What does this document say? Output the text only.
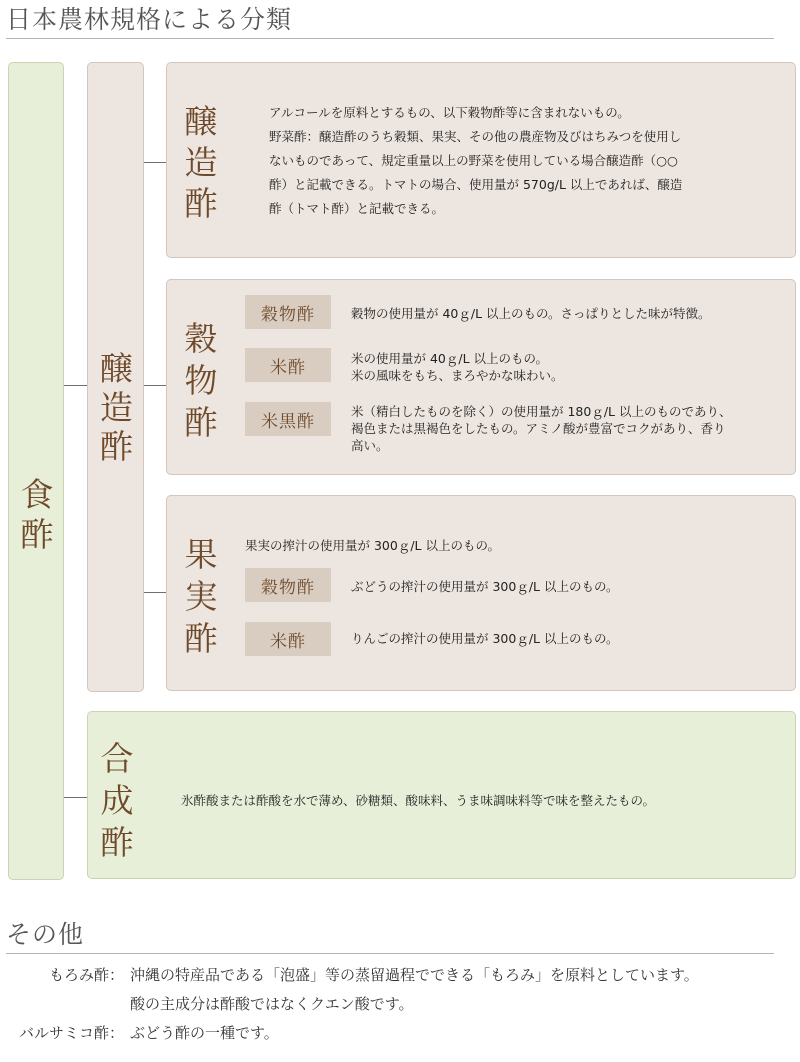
日本農林規格による分類
食
酢
醸
造
酢
醸
造
酢
アルコールを原料とするもの、以下穀物酢等に含まれないもの。
野菜酢：醸造酢のうち穀類、果実、その他の農産物及びはちみつを使用し
ないものであって、規定重量以上の野菜を使用している場合醸造酢（○○
酢）と記載できる。トマトの場合、使用量が 570g/L 以上であれば、醸造
酢（トマト酢）と記載できる。
穀
物
酢
穀物酢	穀物の使用量が 40ｇ/L 以上のもの。さっぱりとした味が特徴。
米酢	米の使用量が 40ｇ/L 以上のもの。
米の風味をもち、まろやかな味わい。
米黒酢	米（精白したものを除く）の使用量が 180ｇ/L 以上のものであり、
褐色または黒褐色をしたもの。アミノ酸が豊富でコクがあり、香り
高い。
果
実
酢
果実の搾汁の使用量が 300ｇ/L 以上のもの。
穀物酢	ぶどうの搾汁の使用量が 300ｇ/L 以上のもの。
米酢	りんごの搾汁の使用量が 300ｇ/L 以上のもの。
合
成
酢
氷酢酸または酢酸を水で薄め、砂糖類、酸味料、うま味調味料等で味を整えたもの。
その他
もろみ酢： 沖縄の特産品である「泡盛」等の蒸留過程でできる「もろみ」を原料としています。
酸の主成分は酢酸ではなくクエン酸です。
バルサミコ酢： ぶどう酢の一種です。
